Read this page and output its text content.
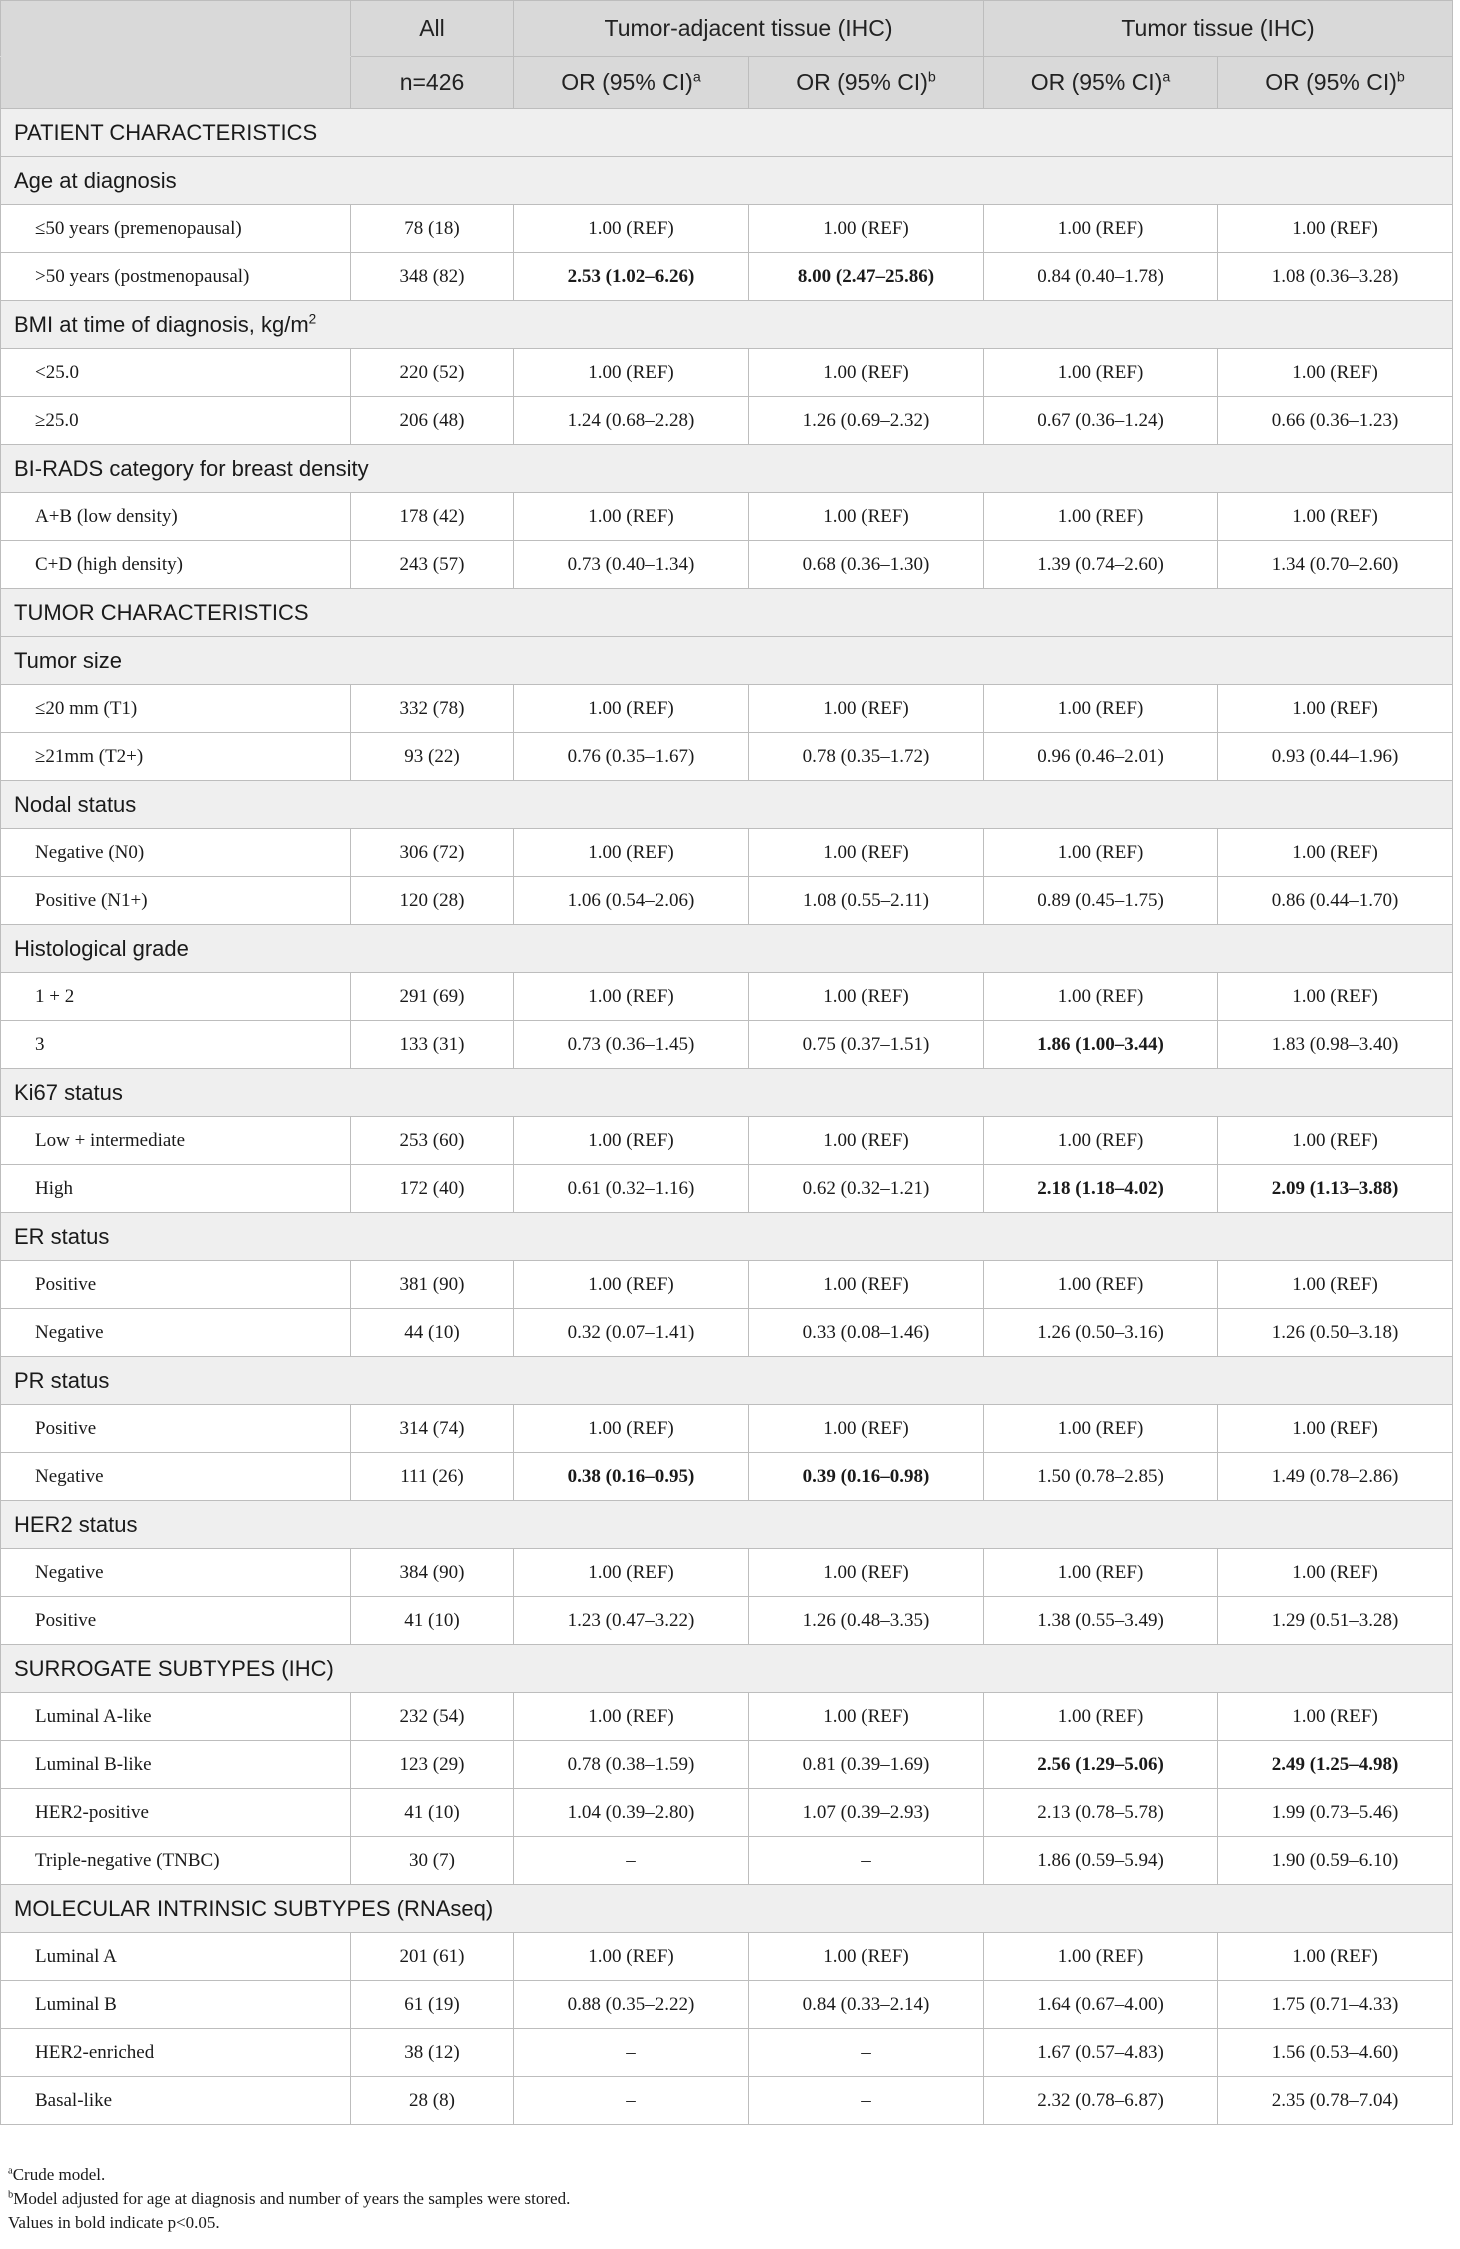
	All	Tumor-adjacent tissue (IHC)		Tumor tissue (IHC)	
	n=426	OR (95% CI)$^a$	OR (95% CI)$^b$	OR (95% CI)$^a$	OR (95% CI)$^b$
PATIENT CHARACTERISTICS					
Age at diagnosis					
≤50 years (premenopausal)	78 (18)	1.00 (REF)	1.00 (REF)	1.00 (REF)	1.00 (REF)
>50 years (postmenopausal)	348 (82)	2.53 (1.02–6.26)	8.00 (2.47–25.86)	0.84 (0.40–1.78)	1.08 (0.36–3.28)
BMI at time of diagnosis, $kg/m^2$
<25.0	220 (52)	1.00 (REF)	1.00 (REF)	1.00 (REF)	1.00 (REF)
≥25.0	206 (48)	1.24 (0.68–2.28)	1.26 (0.69–2.32)	0.67 (0.36–1.24)	0.66 (0.36–1.23)
BI-RADS category for breast density					
A+B (low density)	178 (42)	1.00 (REF)	1.00 (REF)	1.00 (REF)	1.00 (REF)
C+D (high density)	243 (57)	0.73 (0.40–1.34)	0.68 (0.36–1.30)	1.39 (0.74–2.60)	1.34 (0.70–2.60)
TUMOR CHARACTERISTICS					
Tumor size					
≤20 mm (T1)	332 (78)	1.00 (REF)	1.00 (REF)	1.00 (REF)	1.00 (REF)
≥21mm (T2+)	93 (22)	0.76 (0.35–1.67)	0.78 (0.35–1.72)	0.96 (0.46–2.01)	0.93 (0.44–1.96)
Nodal status					
Negative (N0)	306 (72)	1.00 (REF)	1.00 (REF)	1.00 (REF)	1.00 (REF)
Positive (N1+)	120 (28)	1.06 (0.54–2.06)	1.08 (0.55–2.11)	0.89 (0.45–1.75)	0.86 (0.44–1.70)
Histological grade					
1 + 2	291 (69)	1.00 (REF)	1.00 (REF)	1.00 (REF)	1.00 (REF)
3	133 (31)	0.73 (0.36–1.45)	0.75 (0.37–1.51)	1.86 (1.00–3.44)	1.83 (0.98–3.40)
Ki67 status					
Low + intermediate	253 (60)	1.00 (REF)	1.00 (REF)	1.00 (REF)	1.00 (REF)
High	172 (40)	0.61 (0.32–1.16)	0.62 (0.32–1.21)	2.18 (1.18–4.02)	2.09 (1.13–3.88)
ER status					
Positive	381 (90)	1.00 (REF)	1.00 (REF)	1.00 (REF)	1.00 (REF)
Negative	44 (10)	0.32 (0.07–1.41)	0.33 (0.08–1.46)	1.26 (0.50–3.16)	1.26 (0.50–3.18)
PR status					
Positive	314 (74)	1.00 (REF)	1.00 (REF)	1.00 (REF)	1.00 (REF)
Negative	111 (26)	0.38 (0.16–0.95)	0.39 (0.16–0.98)	1.50 (0.78–2.85)	1.49 (0.78–2.86)
HER2 status					
Negative	384 (90)	1.00 (REF)	1.00 (REF)	1.00 (REF)	1.00 (REF)
Positive	41 (10)	1.23 (0.47–3.22)	1.26 (0.48–3.35)	1.38 (0.55–3.49)	1.29 (0.51–3.28)
SURROGATE SUBTYPES (IHC)					
Luminal A-like	232 (54)	1.00 (REF)	1.00 (REF)	1.00 (REF)	1.00 (REF)
Luminal B-like	123 (29)	0.78 (0.38–1.59)	0.81 (0.39–1.69)	2.56 (1.29–5.06)	2.49 (1.25–4.98)
HER2-positive	41 (10)	1.04 (0.39–2.80)	1.07 (0.39–2.93)	2.13 (0.78–5.78)	1.99 (0.73–5.46)
Triple-negative (TNBC)	30 (7)	–	–	1.86 (0.59–5.94)	1.90 (0.59–6.10)
MOLECULAR INTRINSIC SUBTYPES (RNAseq)					
Luminal A	201 (61)	1.00 (REF)	1.00 (REF)	1.00 (REF)	1.00 (REF)
Luminal B	61 (19)	0.88 (0.35–2.22)	0.84 (0.33–2.14)	1.64 (0.67–4.00)	1.75 (0.71–4.33)
HER2-enriched	38 (12)	–	–	1.67 (0.57–4.83)	1.56 (0.53–4.60)
Basal-like	28 (8)	–	–	2.32 (0.78–6.87)	2.35 (0.78–7.04)
$^a$Crude model.
$^b$Model adjusted for age at diagnosis and number of years the samples were stored.
Values in bold indicate p<0.05.
